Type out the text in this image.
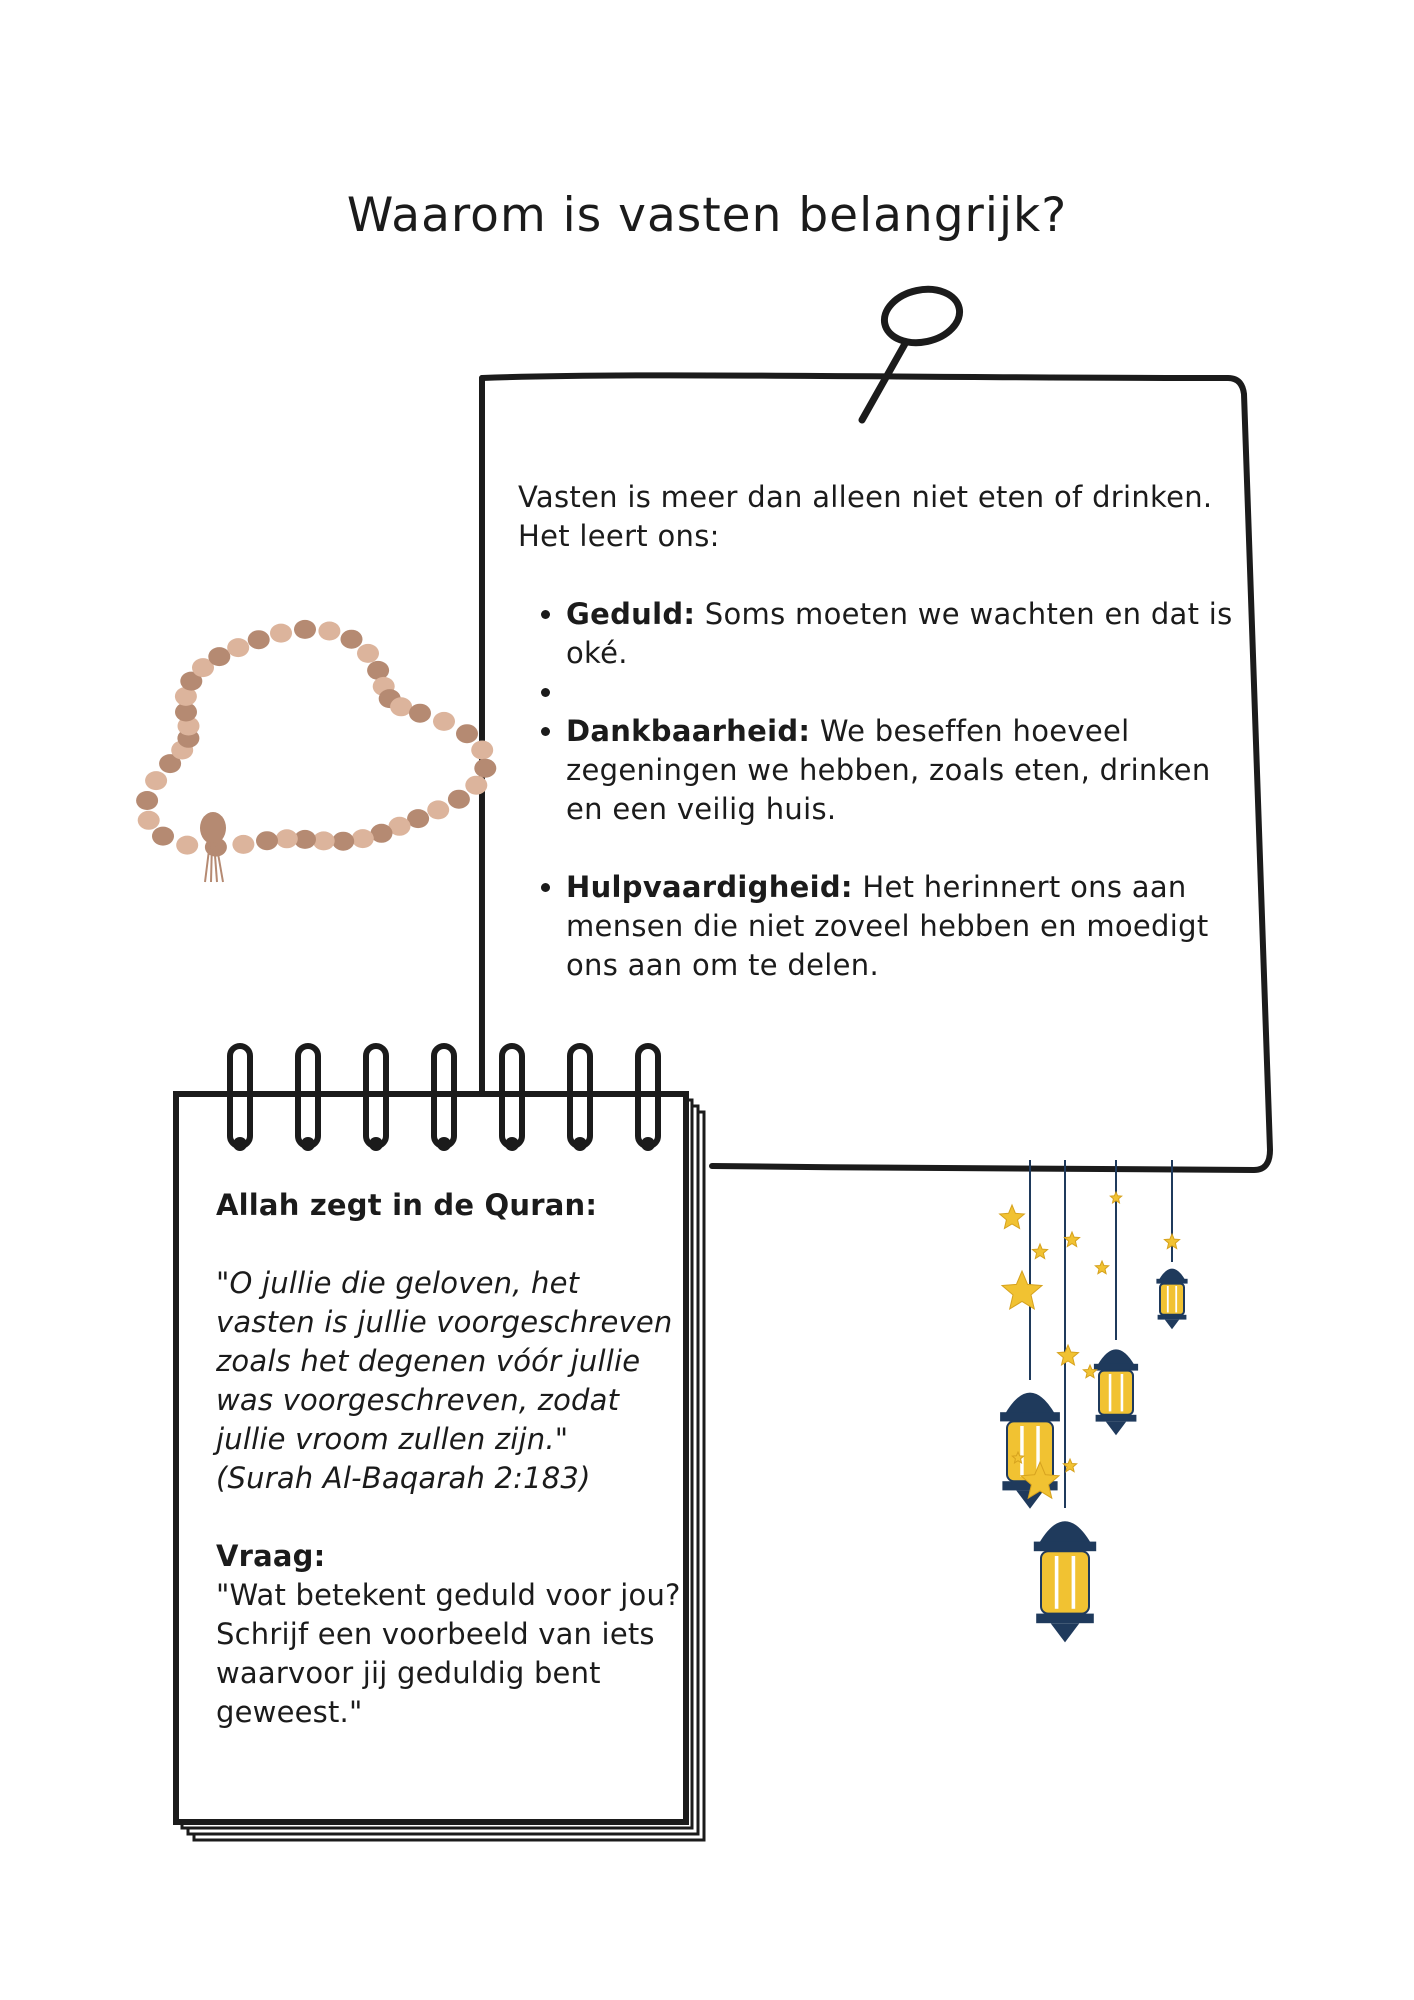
Waarom is vasten belangrijk?

Vasten is meer dan alleen niet eten of drinken.

Het leert ons:

• Geduld: Soms moeten we wachten en dat is oké.
•
• Dankbaarheid: We beseffen hoeveel zegeningen we hebben, zoals eten, drinken en een veilig huis.
• Hulpvaardigheid: Het herinnert ons aan mensen die niet zoveel hebben en moedigt ons aan om te delen.

Allah zegt in de Quran:

"O jullie die geloven, het vasten is jullie voorgeschreven zoals het degenen vóór jullie was voorgeschreven, zodat jullie vroom zullen zijn."

(Surah Al-Baqarah 2:183)

Vraag:

"Wat betekent geduld voor jou? Schrijf een voorbeeld van iets waarvoor jij geduldig bent geweest."
